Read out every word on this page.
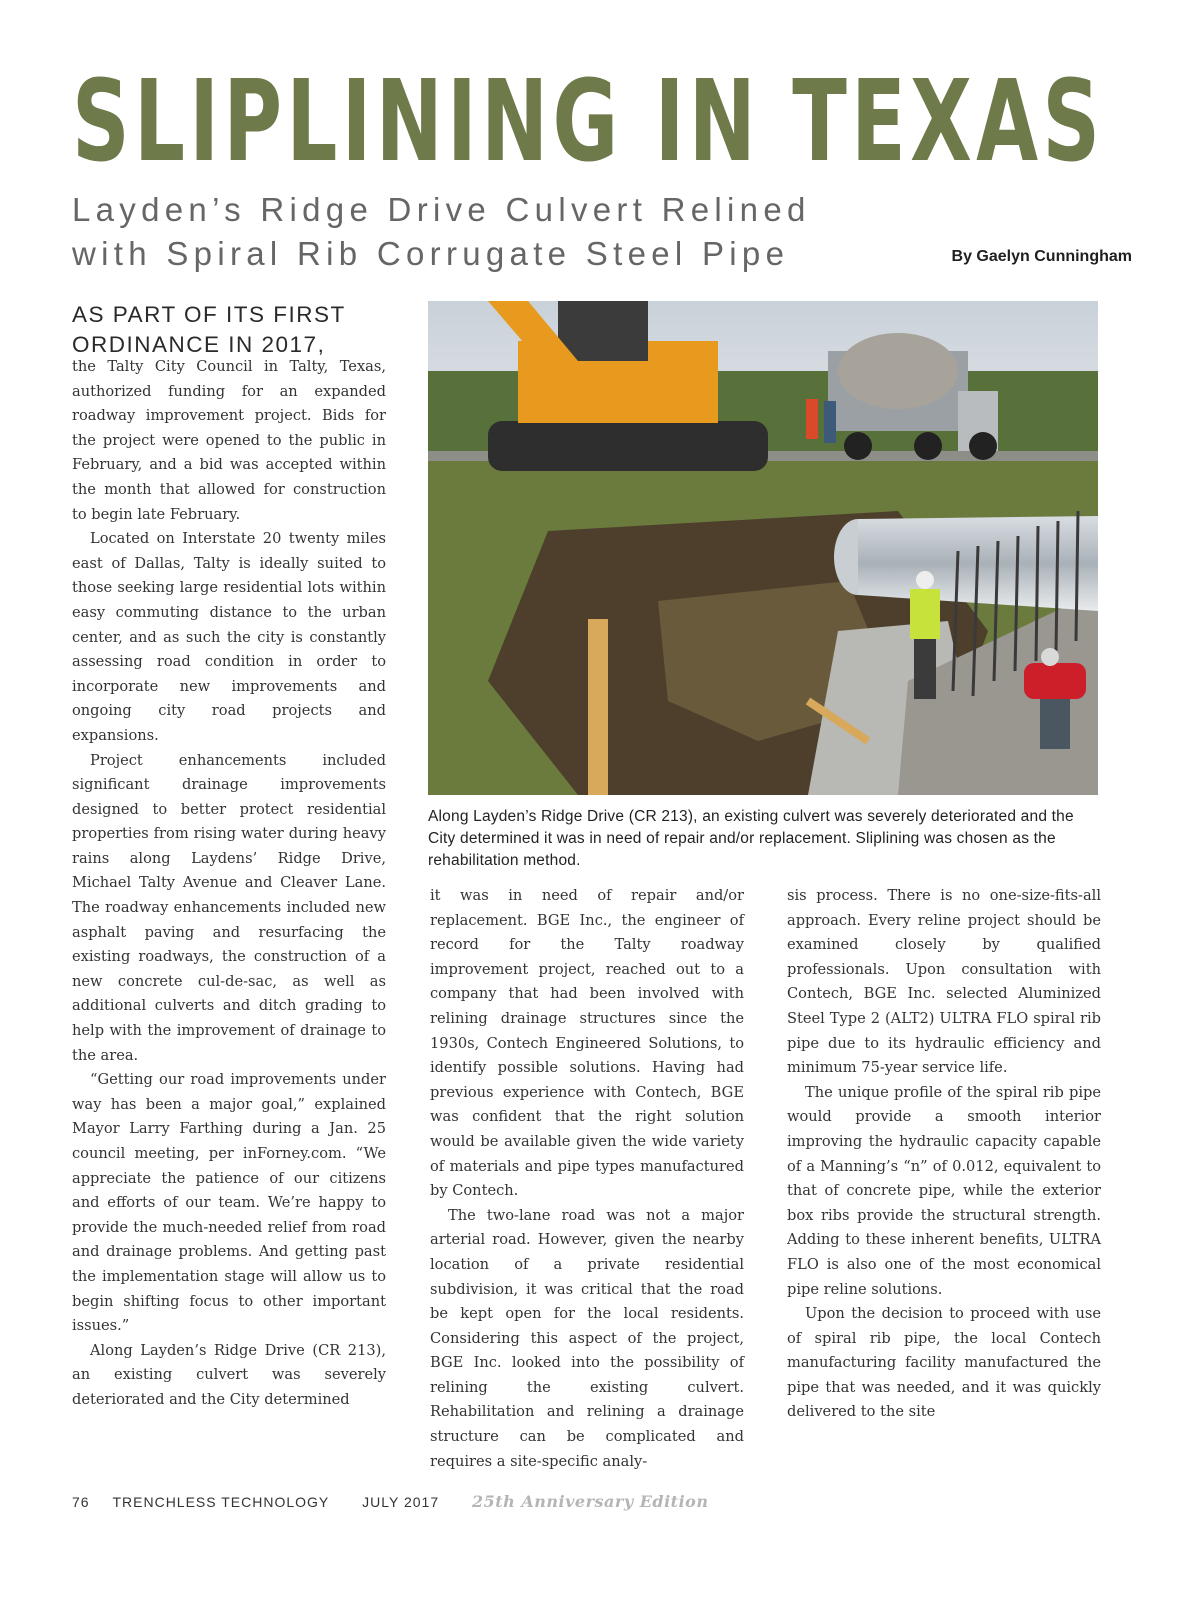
SLIPLINING IN TEXAS
Layden’s Ridge Drive Culvert Relined
with Spiral Rib Corrugate Steel Pipe	By Gaelyn Cunningham
AS PART OF ITS FIRST
ORDINANCE IN 2017,

the Talty City Council in Talty, Texas, authorized funding for an expanded roadway improvement project. Bids for the project were opened to the public in February, and a bid was accepted within the month that allowed for construction to begin late February.

Located on Interstate 20 twenty miles east of Dallas, Talty is ideally suited to those seeking large residential lots within easy commuting distance to the urban center, and as such the city is constantly assessing road condition in order to incorporate new improvements and ongoing city road projects and expansions.

Project enhancements included significant drainage improvements designed to better protect residential properties from rising water during heavy rains along Laydens’ Ridge Drive, Michael Talty Avenue and Cleaver Lane. The roadway enhancements included new asphalt paving and resurfacing the existing roadways, the construction of a new concrete cul-de-sac, as well as additional culverts and ditch grading to help with the improvement of drainage to the area.

“Getting our road improvements under way has been a major goal,” explained Mayor Larry Farthing during a Jan. 25 council meeting, per inForney.com. “We appreciate the patience of our citizens and efforts of our team. We’re happy to provide the much-needed relief from road and drainage problems. And getting past the implementation stage will allow us to begin shifting focus to other important issues.”

Along Layden’s Ridge Drive (CR 213), an existing culvert was severely deteriorated and the City determined

Along Layden’s Ridge Drive (CR 213), an existing culvert was severely deteriorated and the City determined it was in need of repair and/or replacement. Sliplining was chosen as the rehabilitation method.

it was in need of repair and/or replacement. BGE Inc., the engineer of record for the Talty roadway improvement project, reached out to a company that had been involved with relining drainage structures since the 1930s, Contech Engineered Solutions, to identify possible solutions. Having had previous experience with Contech, BGE was confident that the right solution would be available given the wide variety of materials and pipe types manufactured by Contech.

The two-lane road was not a major arterial road. However, given the nearby location of a private residential subdivision, it was critical that the road be kept open for the local residents. Considering this aspect of the project, BGE Inc. looked into the possibility of relining the existing culvert. Rehabilitation and relining a drainage structure can be complicated and requires a site-specific analy-

sis process. There is no one-size-fits-all approach. Every reline project should be examined closely by qualified professionals. Upon consultation with Contech, BGE Inc. selected Aluminized Steel Type 2 (ALT2) ULTRA FLO spiral rib pipe due to its hydraulic efficiency and minimum 75-year service life.

The unique profile of the spiral rib pipe would provide a smooth interior improving the hydraulic capacity capable of a Manning’s “n” of 0.012, equivalent to that of concrete pipe, while the exterior box ribs provide the structural strength. Adding to these inherent benefits, ULTRA FLO is also one of the most economical pipe reline solutions.

Upon the decision to proceed with use of spiral rib pipe, the local Contech manufacturing facility manufactured the pipe that was needed, and it was quickly delivered to the site

76 TRENCHLESS TECHNOLOGY JULY 2017 25th Anniversary Edition
